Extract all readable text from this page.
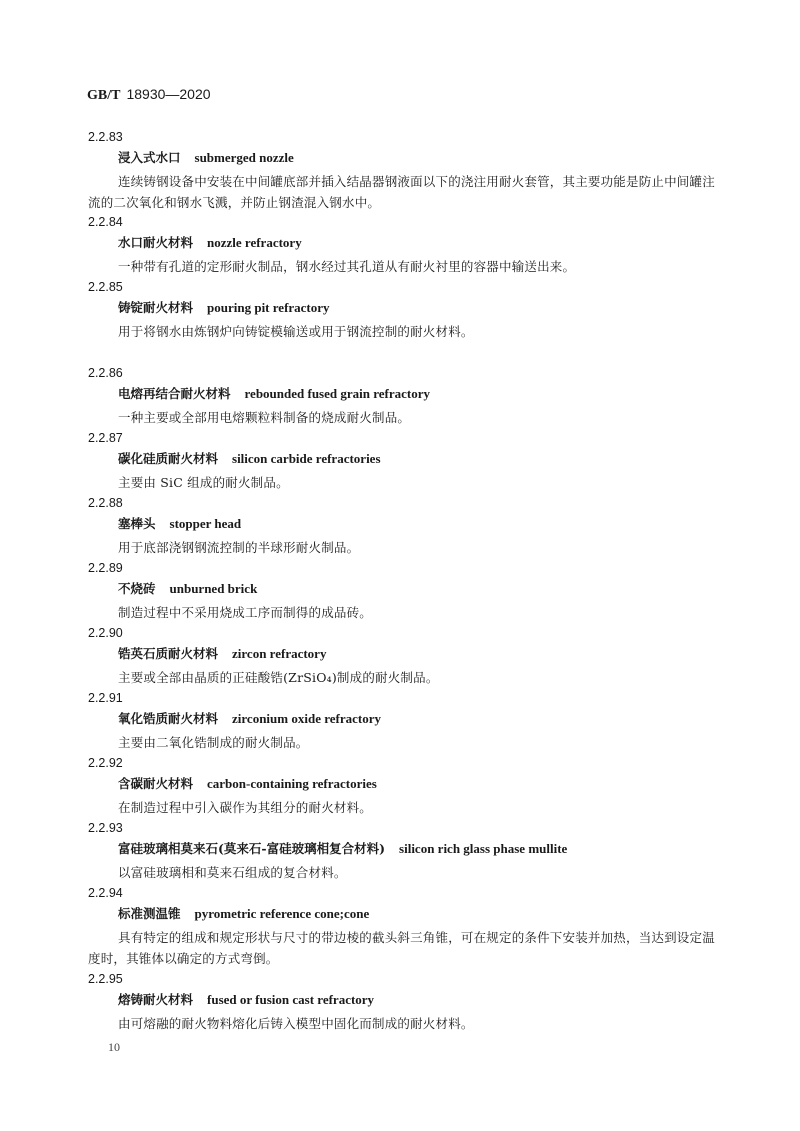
GB/T 18930—2020
2.2.83
浸入式水口 submerged nozzle
连续铸钢设备中安装在中间罐底部并插入结晶器钢液面以下的浇注用耐火套管，其主要功能是防止中间罐注流的二次氧化和钢水飞溅，并防止钢渣混入钢水中。
2.2.84
水口耐火材料 nozzle refractory
一种带有孔道的定形耐火制品，钢水经过其孔道从有耐火衬里的容器中输送出来。
2.2.85
铸锭耐火材料 pouring pit refractory
用于将钢水由炼钢炉向铸锭模输送或用于钢流控制的耐火材料。
2.2.86
电熔再结合耐火材料 rebounded fused grain refractory
一种主要或全部用电熔颗粒料制备的烧成耐火制品。
2.2.87
碳化硅质耐火材料 silicon carbide refractories
主要由 SiC 组成的耐火制品。
2.2.88
塞棒头 stopper head
用于底部浇钢钢流控制的半球形耐火制品。
2.2.89
不烧砖 unburned brick
制造过程中不采用烧成工序而制得的成品砖。
2.2.90
锆英石质耐火材料 zircon refractory
主要或全部由晶质的正硅酸锆(ZrSiO₄)制成的耐火制品。
2.2.91
氧化锆质耐火材料 zirconium oxide refractory
主要由二氧化锆制成的耐火制品。
2.2.92
含碳耐火材料 carbon-containing refractories
在制造过程中引入碳作为其组分的耐火材料。
2.2.93
富硅玻璃相莫来石(莫来石-富硅玻璃相复合材料) silicon rich glass phase mullite
以富硅玻璃相和莫来石组成的复合材料。
2.2.94
标准测温锥 pyrometric reference cone;cone
具有特定的组成和规定形状与尺寸的带边棱的截头斜三角锥，可在规定的条件下安装并加热，当达到设定温度时，其锥体以确定的方式弯倒。
2.2.95
熔铸耐火材料 fused or fusion cast refractory
由可熔融的耐火物料熔化后铸入模型中固化而制成的耐火材料。
10
